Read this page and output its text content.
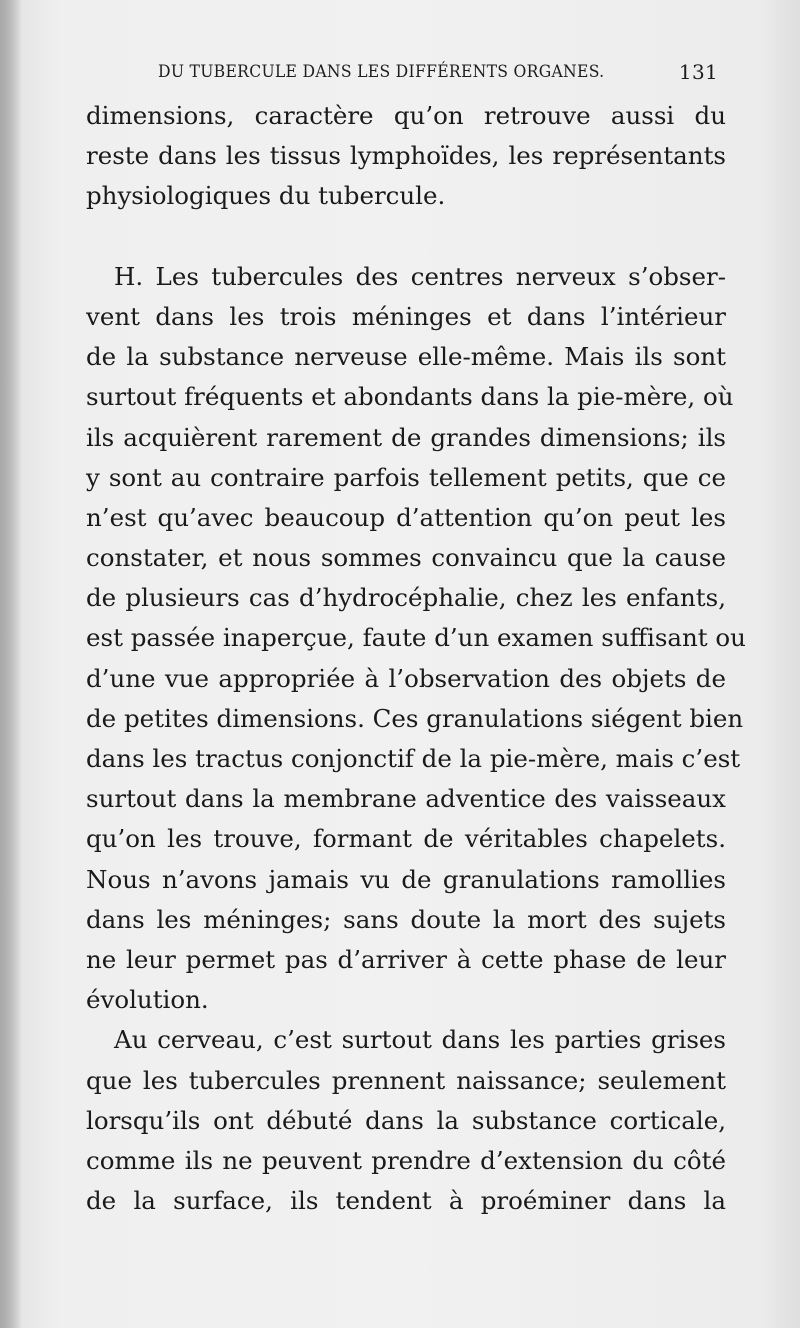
DU TUBERCULE DANS LES DIFFÉRENTS ORGANES.	131
dimensions, caractère qu’on retrouve aussi du
reste dans les tissus lymphoïdes, les représentants
physiologiques du tubercule.
H. Les tubercules des centres nerveux s’obser-
vent dans les trois méninges et dans l’intérieur
de la substance nerveuse elle-même. Mais ils sont
surtout fréquents et abondants dans la pie-mère, où
ils acquièrent rarement de grandes dimensions; ils
y sont au contraire parfois tellement petits, que ce
n’est qu’avec beaucoup d’attention qu’on peut les
constater, et nous sommes convaincu que la cause
de plusieurs cas d’hydrocéphalie, chez les enfants,
est passée inaperçue, faute d’un examen suffisant ou
d’une vue appropriée à l’observation des objets de
de petites dimensions. Ces granulations siégent bien
dans les tractus conjonctif de la pie-mère, mais c’est
surtout dans la membrane adventice des vaisseaux
qu’on les trouve, formant de véritables chapelets.
Nous n’avons jamais vu de granulations ramollies
dans les méninges; sans doute la mort des sujets
ne leur permet pas d’arriver à cette phase de leur
évolution.
Au cerveau, c’est surtout dans les parties grises
que les tubercules prennent naissance; seulement
lorsqu’ils ont débuté dans la substance corticale,
comme ils ne peuvent prendre d’extension du côté
de la surface, ils tendent à proéminer dans la
